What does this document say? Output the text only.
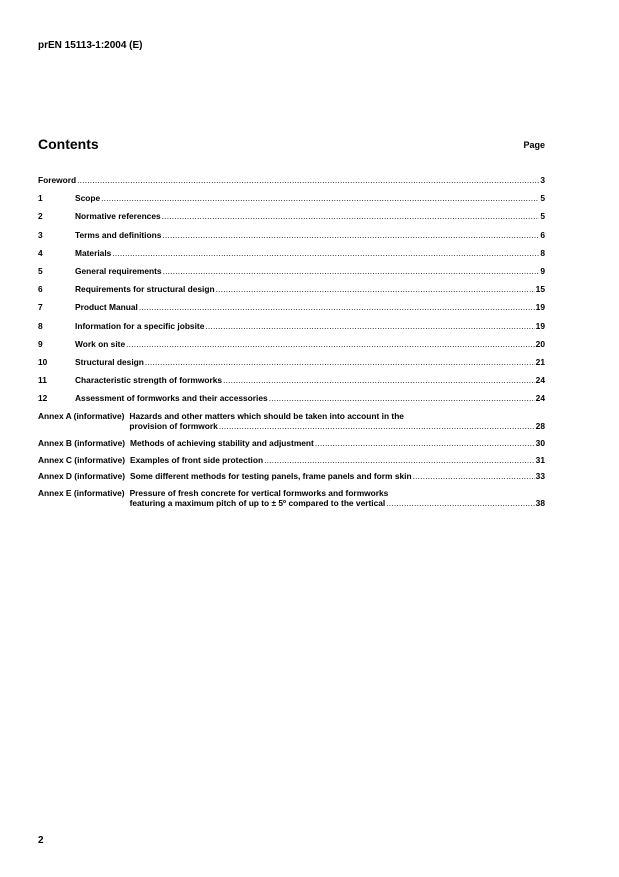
prEN 15113-1:2004 (E)
Contents	Page
Foreword .....	3
1	Scope .....	5
2	Normative references .....	5
3	Terms and definitions .....	6
4	Materials .....	8
5	General requirements .....	9
6	Requirements for structural design .....	15
7	Product Manual .....	19
8	Information for a specific jobsite .....	19
9	Work on site .....	20
10	Structural design .....	21
11	Characteristic strength of formworks .....	24
12	Assessment of formworks and their accessories .....	24
Annex A (informative) Hazards and other matters which should be taken into account in the
provision of formwork .....	28
Annex B (informative) Methods of achieving stability and adjustment .....	30
Annex C (informative) Examples of front side protection .....	31
Annex D (informative) Some different methods for testing panels, frame panels and form skin .....	33
Annex E (informative) Pressure of fresh concrete for vertical formworks and formworks
featuring a maximum pitch of up to ± 5º compared to the vertical .....	38
2
